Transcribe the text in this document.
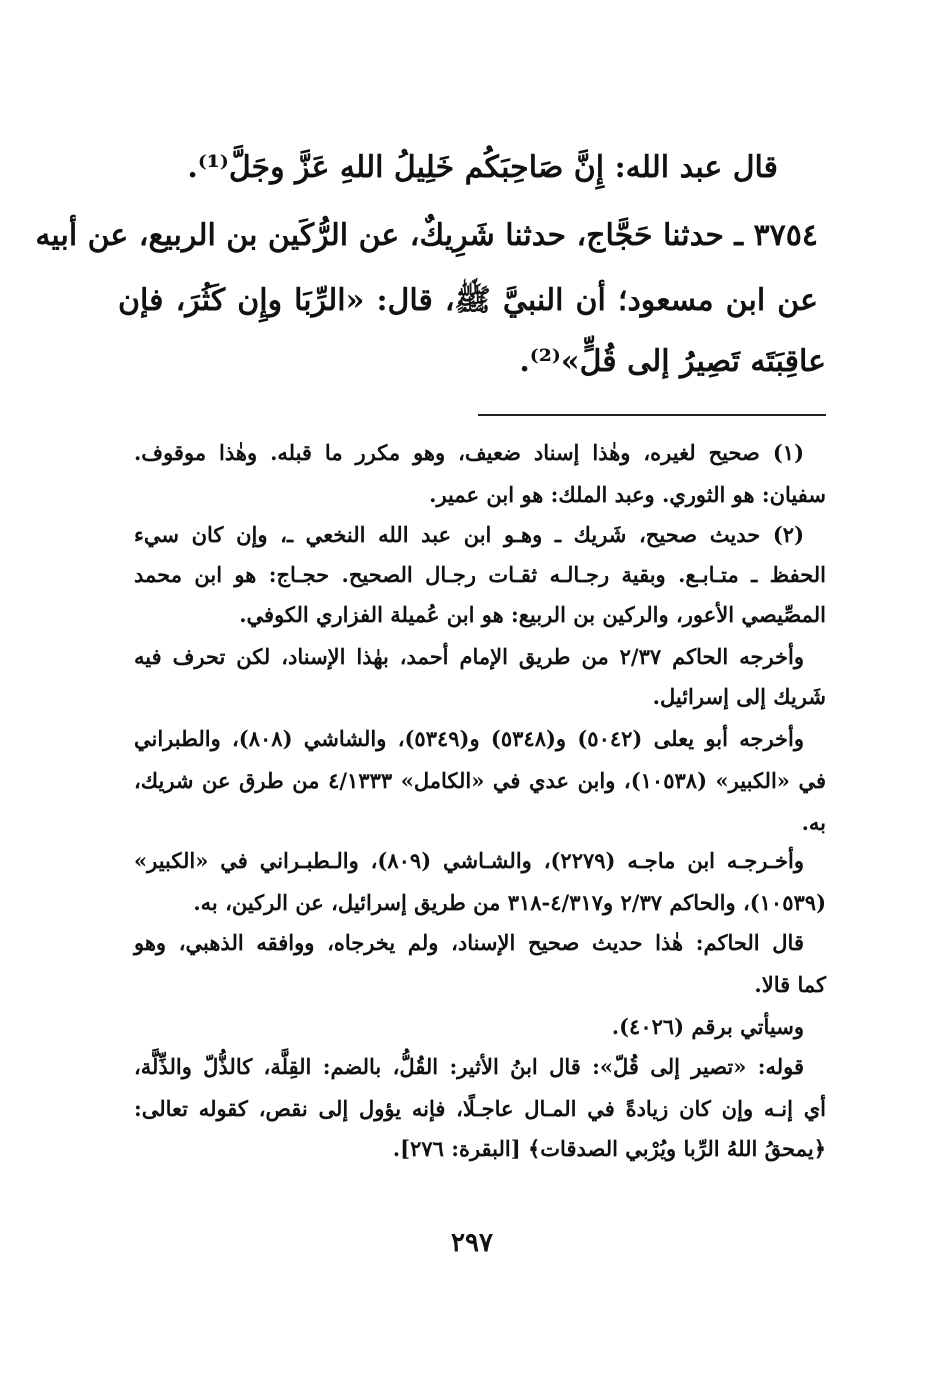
قال عبد الله: إِنَّ صَاحِبَكُم خَلِيلُ اللهِ عَزَّ وجَلَّ⁽¹⁾.
٣٧٥٤ ـ حدثنا حَجَّاج، حدثنا شَرِيكٌ، عن الرُّكَين بن الربيع، عن أبيه
عن ابن مسعود؛ أن النبيَّ ﷺ، قال: «الرِّبَا وإِن كَثُرَ، فإن
عاقِبَتَه تَصِيرُ إلى قُلٍّ»⁽²⁾.
(١) صحيح لغيره، وهٰذا إسناد ضعيف، وهو مكرر ما قبله. وهٰذا موقوف.
سفيان: هو الثوري. وعبد الملك: هو ابن عمير.
(٢) حديث صحيح، شَريك ـ وهـو ابن عبد الله النخعي ـ، وإن كان سيء
الحفظ ـ متـابـع. وبقية رجـالـه ثقـات رجـال الصحيح. حجـاج: هو ابن محمد
المصِّيصي الأعور، والركين بن الربيع: هو ابن عُميلة الفزاري الكوفي.
وأخرجه الحاكم ٢/٣٧ من طريق الإمام أحمد، بهٰذا الإسناد، لكن تحرف فيه
شَريك إلى إسرائيل.
وأخرجه أبو يعلى (٥٠٤٢) و(٥٣٤٨) و(٥٣٤٩)، والشاشي (٨٠٨)، والطبراني
في «الكبير» (١٠٥٣٨)، وابن عدي في «الكامل» ٤/١٣٣٣ من طرق عن شريك،
به.
وأخـرجـه ابن ماجـه (٢٢٧٩)، والشـاشي (٨٠٩)، والـطبـراني في «الكبير»
(١٠٥٣٩)، والحاكم ٢/٣٧ و٤/٣١٧-٣١٨ من طريق إسرائيل، عن الركين، به.
قال الحاكم: هٰذا حديث صحيح الإسناد، ولم يخرجاه، ووافقه الذهبي، وهو
كما قالا.
وسيأتي برقم (٤٠٢٦).
قوله: «تصير إلى قُلّ»: قال ابنُ الأثير: القُلُّ، بالضم: القِلَّة، كالذُّلّ والذِّلَّة،
أي إنـه وإن كان زيادةً في المـال عاجـلًا، فإنه يؤول إلى نقص، كقوله تعالى:
﴿يمحقُ اللهُ الرِّبا ويُرْبي الصدقات﴾ [البقرة: ٢٧٦].
٢٩٧
